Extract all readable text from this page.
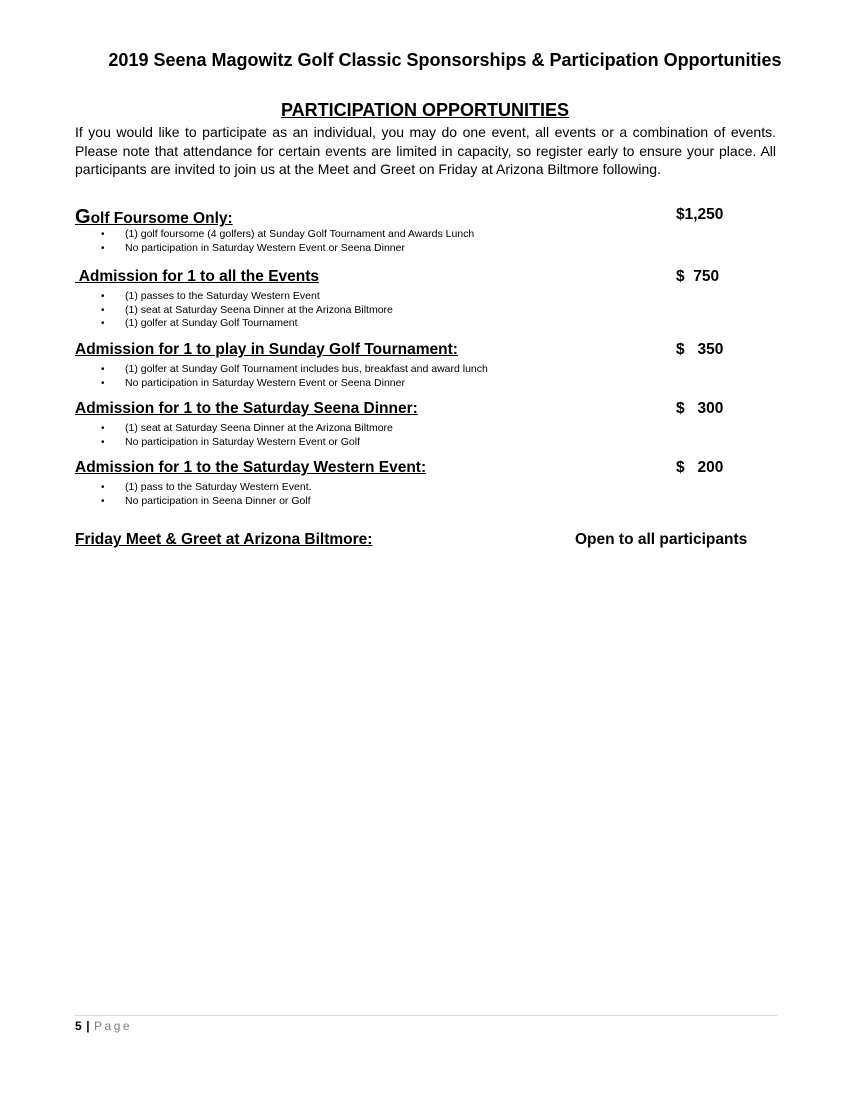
2019 Seena Magowitz Golf Classic Sponsorships & Participation Opportunities
PARTICIPATION OPPORTUNITIES

If you would like to participate as an individual, you may do one event, all events or a combination of events. Please note that attendance for certain events are limited in capacity, so register early to ensure your place. All participants are invited to join us at the Meet and Greet on Friday at Arizona Biltmore following.

Golf Foursome Only:	$1,250
• (1) golf foursome (4 golfers) at Sunday Golf Tournament and Awards Lunch
• No participation in Saturday Western Event or Seena Dinner
Admission for 1 to all the Events	$  750
• (1) passes to the Saturday Western Event
• (1) seat at Saturday Seena Dinner at the Arizona Biltmore
• (1) golfer at Sunday Golf Tournament
Admission for 1 to play in Sunday Golf Tournament:	$   350
• (1) golfer at Sunday Golf Tournament includes bus, breakfast and award lunch
• No participation in Saturday Western Event or Seena Dinner
Admission for 1 to the Saturday Seena Dinner:	$   300
• (1) seat at Saturday Seena Dinner at the Arizona Biltmore
• No participation in Saturday Western Event or Golf
Admission for 1 to the Saturday Western Event:	$   200
• (1) pass to the Saturday Western Event.
• No participation in Seena Dinner or Golf
Friday Meet & Greet at Arizona Biltmore:	Open to all participants
5 | Page
